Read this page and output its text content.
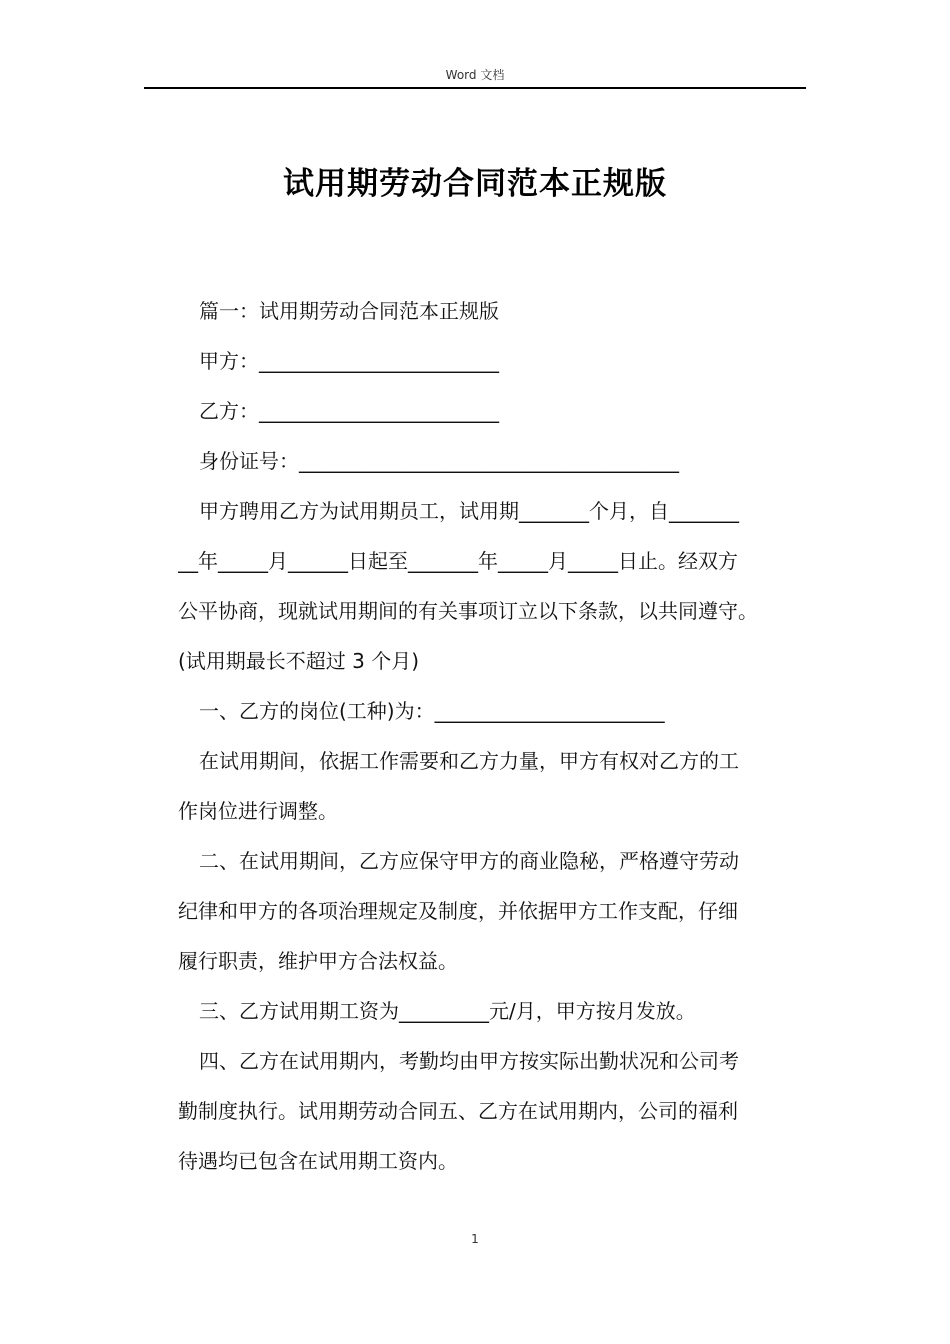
Word 文档
试用期劳动合同范本正规版
篇一：试用期劳动合同范本正规版
甲方：________________________
乙方：________________________
身份证号：______________________________________
甲方聘用乙方为试用期员工，试用期_______个月，自_______
__年_____月______日起至_______年_____月_____日止。经双方
公平协商，现就试用期间的有关事项订立以下条款，以共同遵守。
(试用期最长不超过 3 个月)
一、乙方的岗位(工种)为：_______________________
在试用期间，依据工作需要和乙方力量，甲方有权对乙方的工
作岗位进行调整。
二、在试用期间，乙方应保守甲方的商业隐秘，严格遵守劳动
纪律和甲方的各项治理规定及制度，并依据甲方工作支配，仔细
履行职责，维护甲方合法权益。
三、乙方试用期工资为_________元/月，甲方按月发放。
四、乙方在试用期内，考勤均由甲方按实际出勤状况和公司考
勤制度执行。试用期劳动合同五、乙方在试用期内，公司的福利
待遇均已包含在试用期工资内。
1
